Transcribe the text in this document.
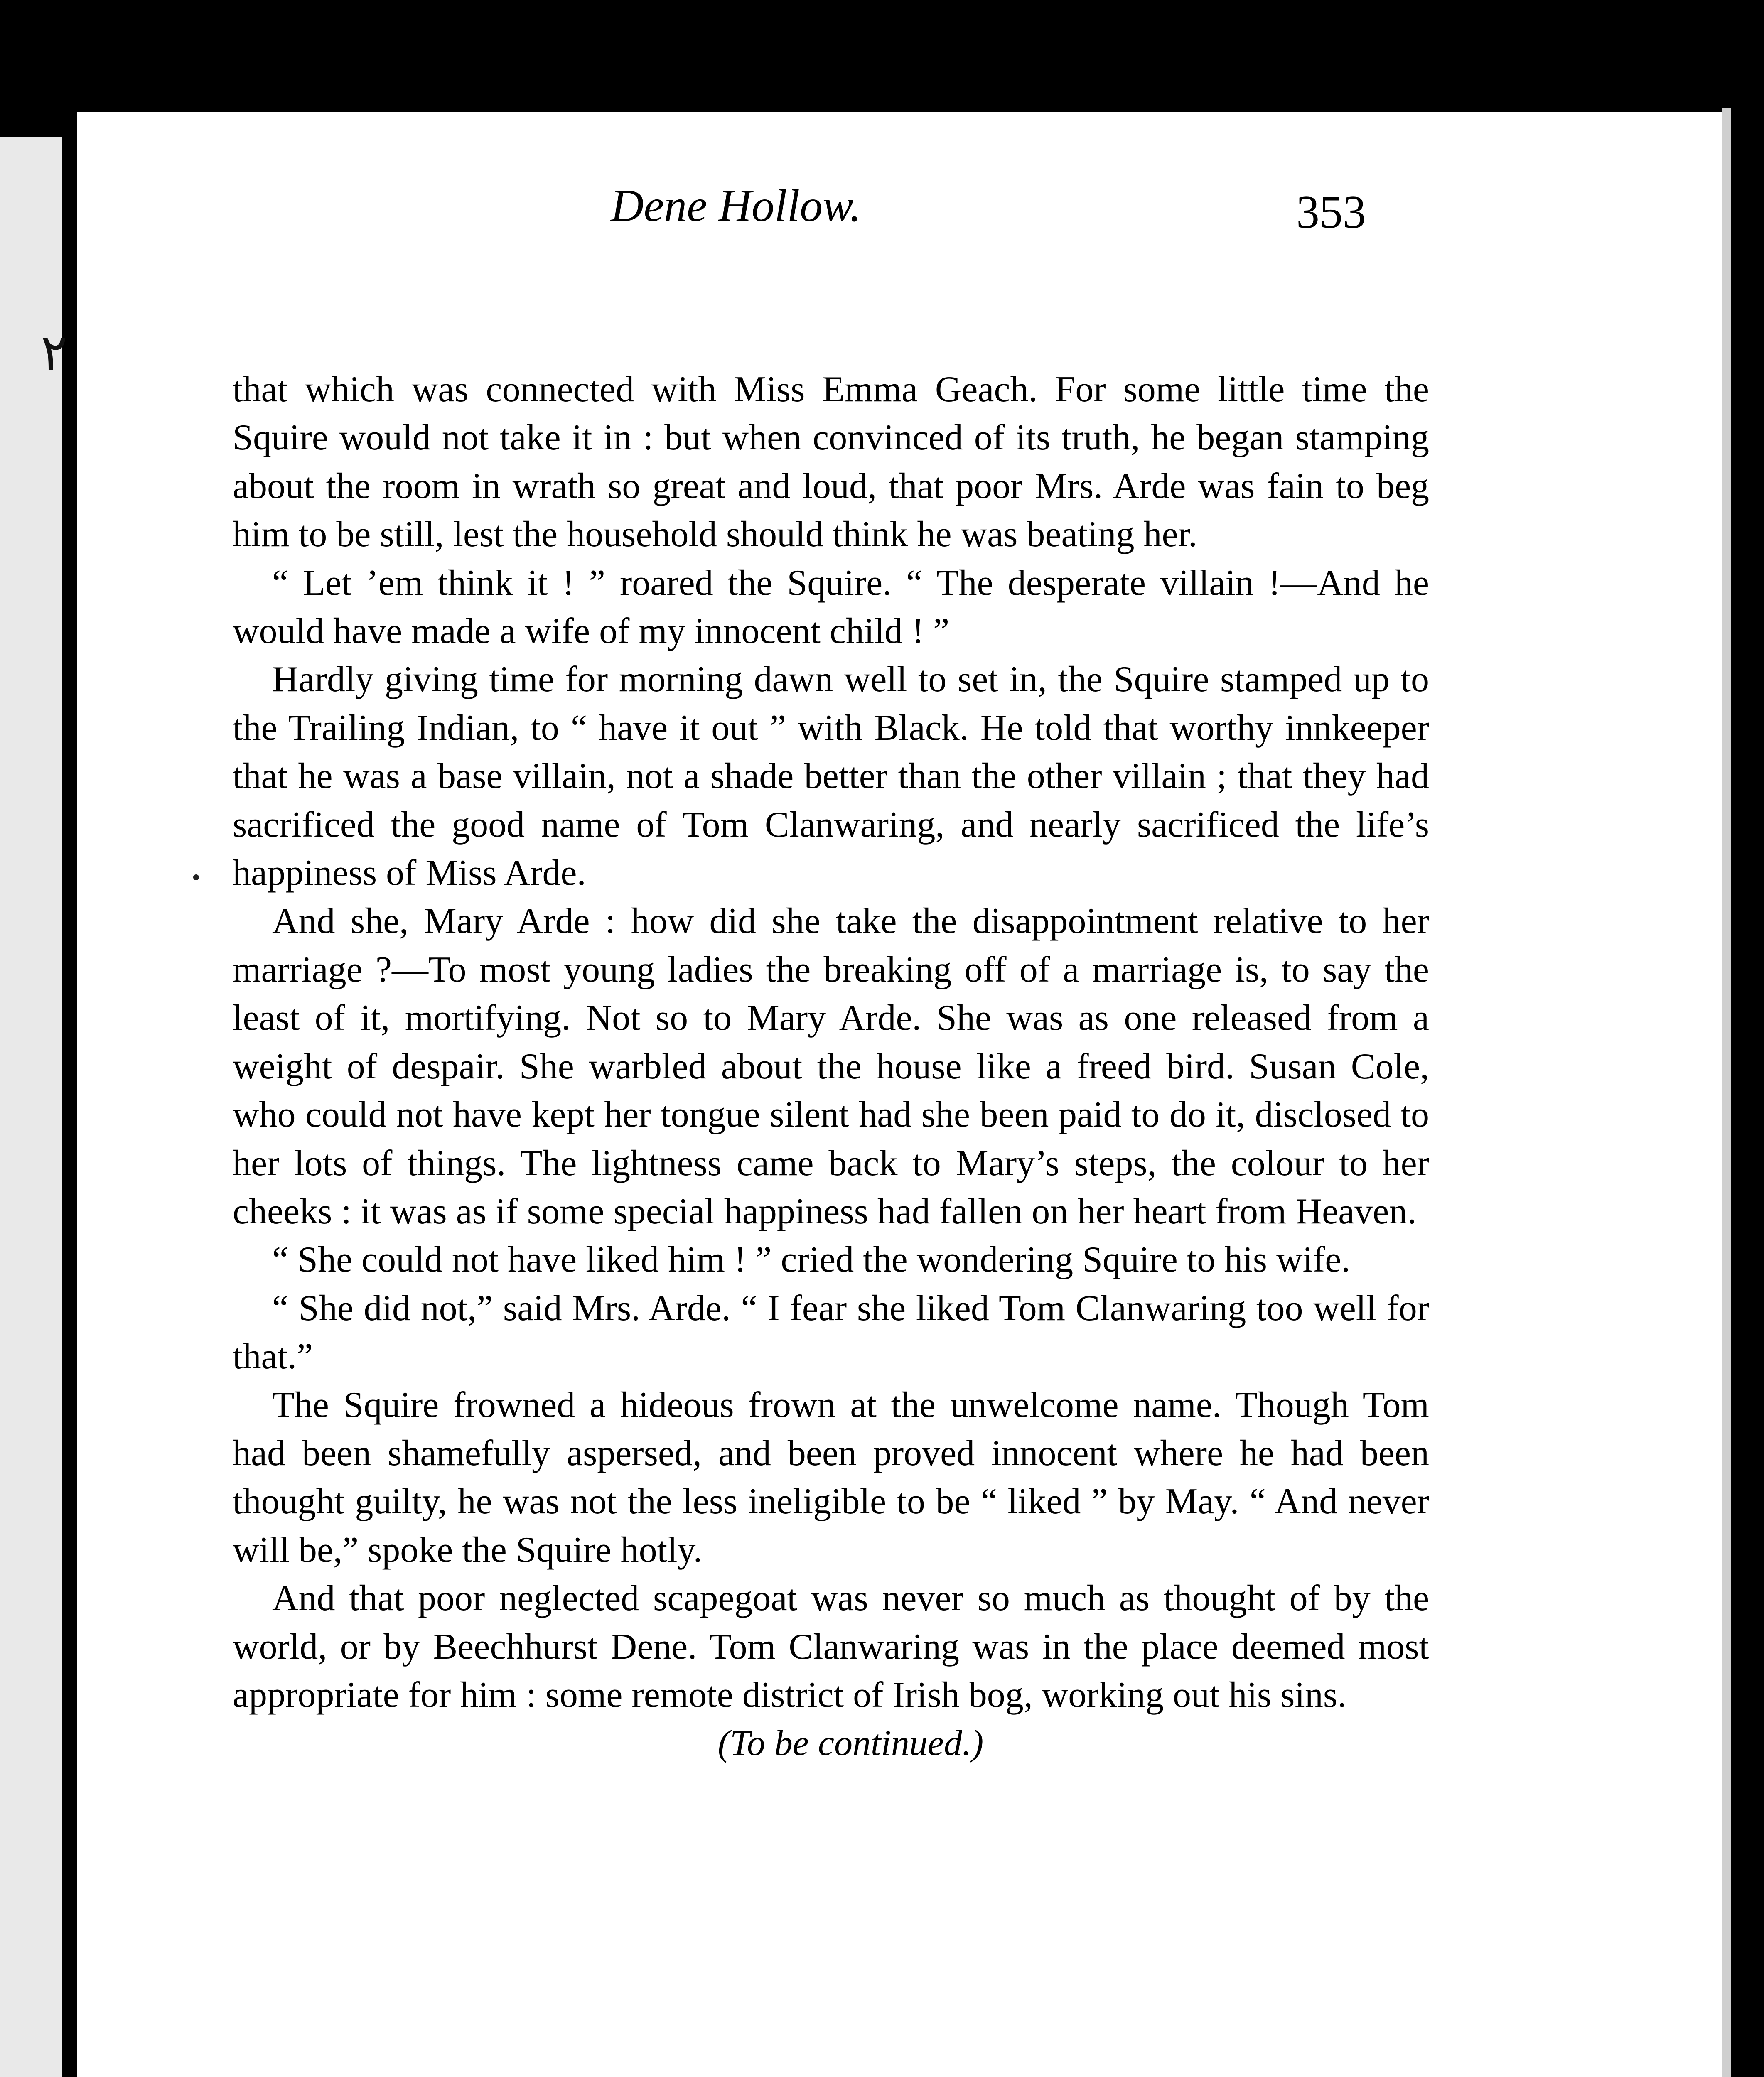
٢
Dene Hollow.	353

that which was connected with Miss Emma Geach. For some little time the Squire would not take it in : but when convinced of its truth, he began stamping about the room in wrath so great and loud, that poor Mrs. Arde was fain to beg him to be still, lest the household should think he was beating her.

“ Let ’em think it ! ” roared the Squire. “ The desperate villain !—And he would have made a wife of my innocent child ! ”

Hardly giving time for morning dawn well to set in, the Squire stamped up to the Trailing Indian, to “ have it out ” with Black. He told that worthy innkeeper that he was a base villain, not a shade better than the other villain ; that they had sacrificed the good name of Tom Clanwaring, and nearly sacrificed the life’s happiness of Miss Arde.

And she, Mary Arde : how did she take the disappointment relative to her marriage ?—To most young ladies the breaking off of a marriage is, to say the least of it, mortifying. Not so to Mary Arde. She was as one released from a weight of despair. She warbled about the house like a freed bird. Susan Cole, who could not have kept her tongue silent had she been paid to do it, disclosed to her lots of things. The lightness came back to Mary’s steps, the colour to her cheeks : it was as if some special happiness had fallen on her heart from Heaven.

“ She could not have liked him ! ” cried the wondering Squire to his wife.

“ She did not,” said Mrs. Arde. “ I fear she liked Tom Clanwaring too well for that.”

The Squire frowned a hideous frown at the unwelcome name. Though Tom had been shamefully aspersed, and been proved innocent where he had been thought guilty, he was not the less ineligible to be “ liked ” by May. “ And never will be,” spoke the Squire hotly.

And that poor neglected scapegoat was never so much as thought of by the world, or by Beechhurst Dene. Tom Clanwaring was in the place deemed most appropriate for him : some remote district of Irish bog, working out his sins.

(To be continued.)
